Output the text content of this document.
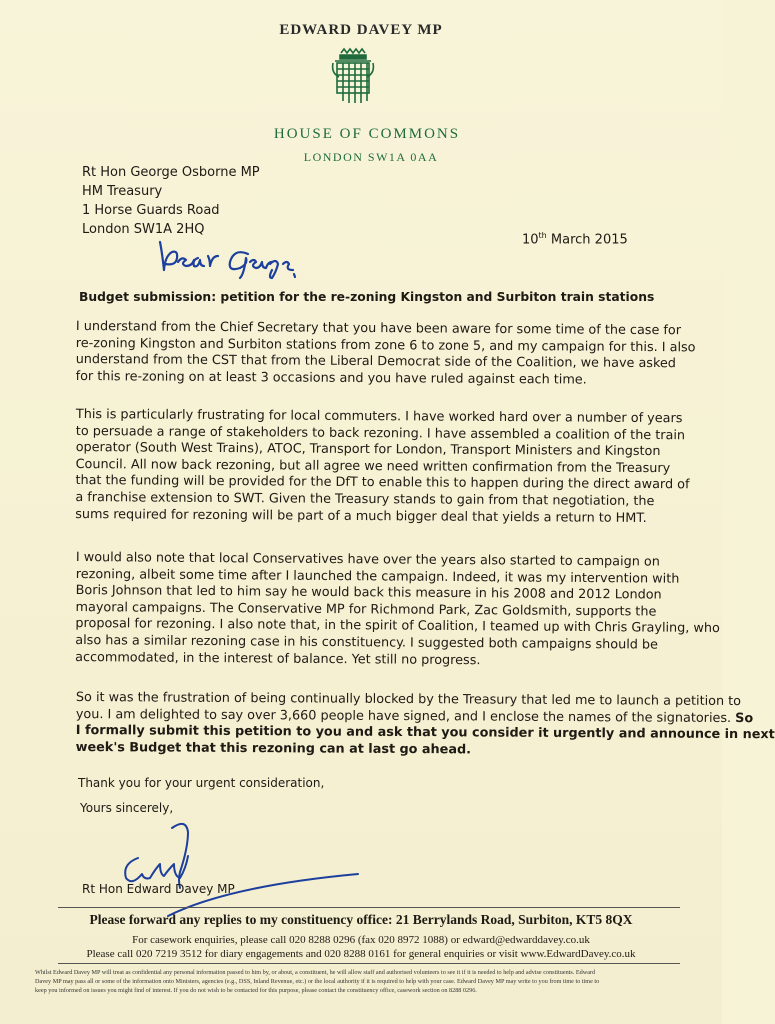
EDWARD DAVEY MP
HOUSE OF COMMONS
LONDON SW1A 0AA
Rt Hon George Osborne MP
HM Treasury
1 Horse Guards Road
London SW1A 2HQ
10th March 2015
Budget submission: petition for the re-zoning Kingston and Surbiton train stations
I understand from the Chief Secretary that you have been aware for some time of the case for
re-zoning Kingston and Surbiton stations from zone 6 to zone 5, and my campaign for this. I also
understand from the CST that from the Liberal Democrat side of the Coalition, we have asked
for this re-zoning on at least 3 occasions and you have ruled against each time.
This is particularly frustrating for local commuters. I have worked hard over a number of years
to persuade a range of stakeholders to back rezoning. I have assembled a coalition of the train
operator (South West Trains), ATOC, Transport for London, Transport Ministers and Kingston
Council. All now back rezoning, but all agree we need written confirmation from the Treasury
that the funding will be provided for the DfT to enable this to happen during the direct award of
a franchise extension to SWT. Given the Treasury stands to gain from that negotiation, the
sums required for rezoning will be part of a much bigger deal that yields a return to HMT.
I would also note that local Conservatives have over the years also started to campaign on
rezoning, albeit some time after I launched the campaign. Indeed, it was my intervention with
Boris Johnson that led to him say he would back this measure in his 2008 and 2012 London
mayoral campaigns. The Conservative MP for Richmond Park, Zac Goldsmith, supports the
proposal for rezoning. I also note that, in the spirit of Coalition, I teamed up with Chris Grayling, who
also has a similar rezoning case in his constituency. I suggested both campaigns should be
accommodated, in the interest of balance. Yet still no progress.
So it was the frustration of being continually blocked by the Treasury that led me to launch a petition to
you. I am delighted to say over 3,660 people have signed, and I enclose the names of the signatories. So
I formally submit this petition to you and ask that you consider it urgently and announce in next
week's Budget that this rezoning can at last go ahead.
Thank you for your urgent consideration,
Yours sincerely,
Rt Hon Edward Davey MP
Please forward any replies to my constituency office: 21 Berrylands Road, Surbiton, KT5 8QX
For casework enquiries, please call 020 8288 0296 (fax 020 8972 1088) or edward@edwarddavey.co.uk
Please call 020 7219 3512 for diary engagements and 020 8288 0161 for general enquiries or visit www.EdwardDavey.co.uk
Whilst Edward Davey MP will treat as confidential any personal information passed to him by, or about, a constituent, he will allow staff and authorised volunteers to see it if it is needed to help and advise constituents. Edward
Davey MP may pass all or some of the information onto Ministers, agencies (e.g., DSS, Inland Revenue, etc.) or the local authority if it is required to help with your case. Edward Davey MP may write to you from time to time to
keep you informed on issues you might find of interest. If you do not wish to be contacted for this purpose, please contact the constituency office, casework section on 8288 0296.
